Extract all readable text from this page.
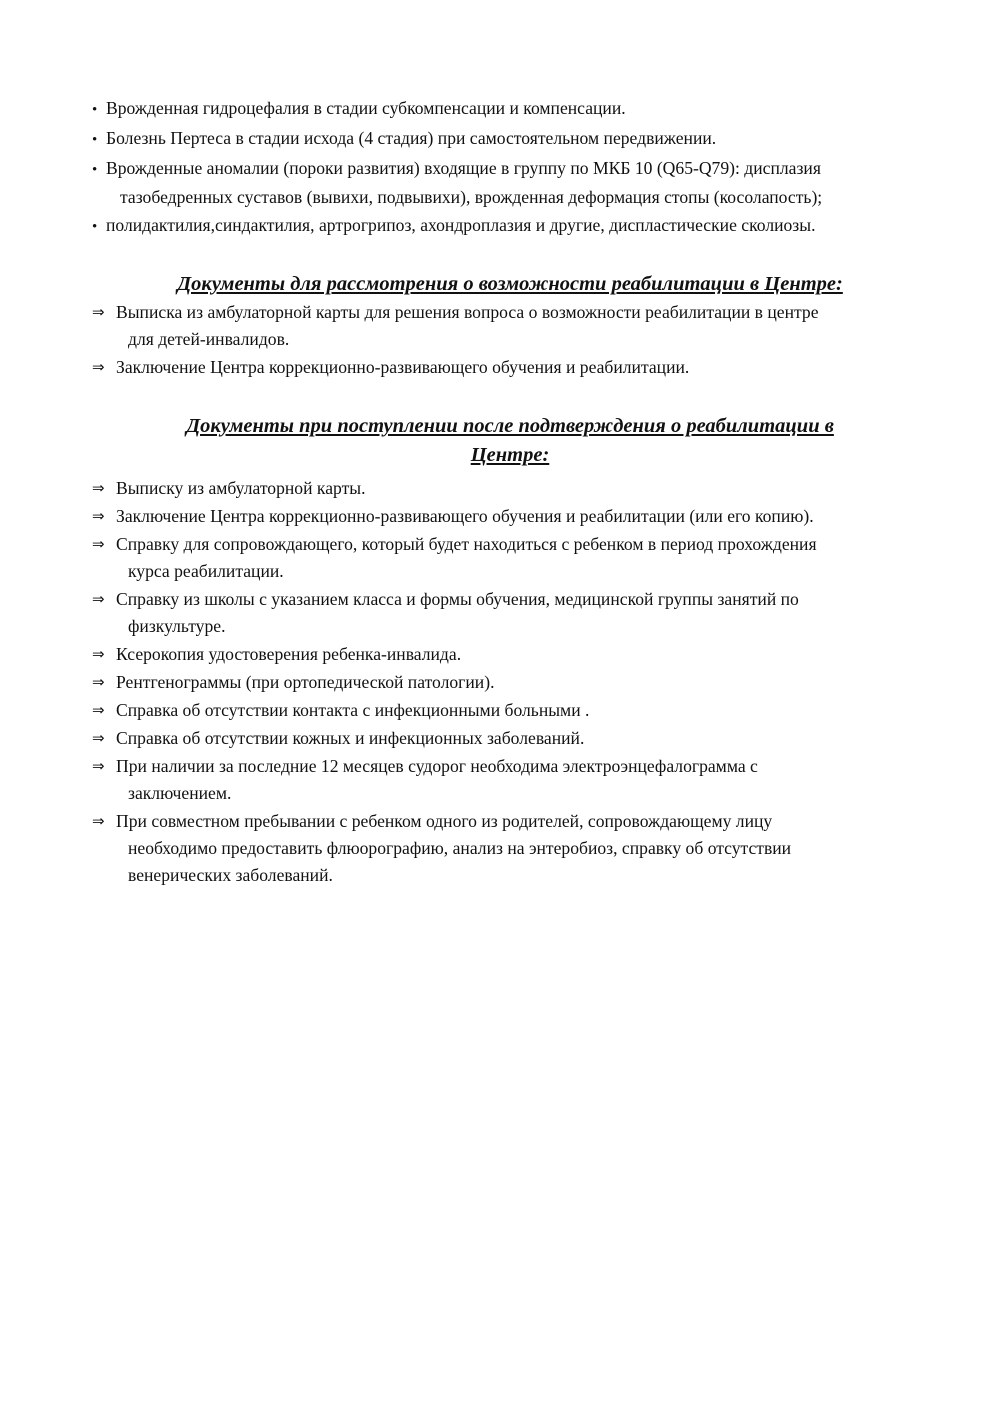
• Врожденная гидроцефалия в стадии субкомпенсации и компенсации.
• Болезнь Пертеса в стадии исхода (4 стадия) при самостоятельном передвижении.
• Врожденные аномалии (пороки развития) входящие в группу по МКБ 10 (Q65-Q79): дисплазия
тазобедренных суставов (вывихи, подвывихи), врожденная деформация стопы (косолапость);
• полидактилия,синдактилия, артрогрипоз, ахондроплазия и другие, диспластические сколиозы.
Документы для рассмотрения о возможности реабилитации в Центре:
⇒ Выписка из амбулаторной карты для решения вопроса о возможности реабилитации в центре
для детей-инвалидов.
⇒ Заключение Центра коррекционно-развивающего обучения и реабилитации.
Документы при поступлении после подтверждения о реабилитации в
Центре:
⇒ Выписку из амбулаторной карты.
⇒ Заключение Центра коррекционно-развивающего обучения и реабилитации (или его копию).
⇒ Справку для сопровождающего, который будет находиться с ребенком в период прохождения
курса реабилитации.
⇒ Справку из школы с указанием класса и формы обучения, медицинской группы занятий по
физкультуре.
⇒ Ксерокопия удостоверения ребенка-инвалида.
⇒ Рентгенограммы (при ортопедической патологии).
⇒ Справка об отсутствии контакта с инфекционными больными .
⇒ Справка об отсутствии кожных и инфекционных заболеваний.
⇒ При наличии за последние 12 месяцев судорог необходима электроэнцефалограмма с
заключением.
⇒ При совместном пребывании с ребенком одного из родителей, сопровождающему лицу
необходимо предоставить флюорографию, анализ на энтеробиоз, справку об отсутствии
венерических заболеваний.
